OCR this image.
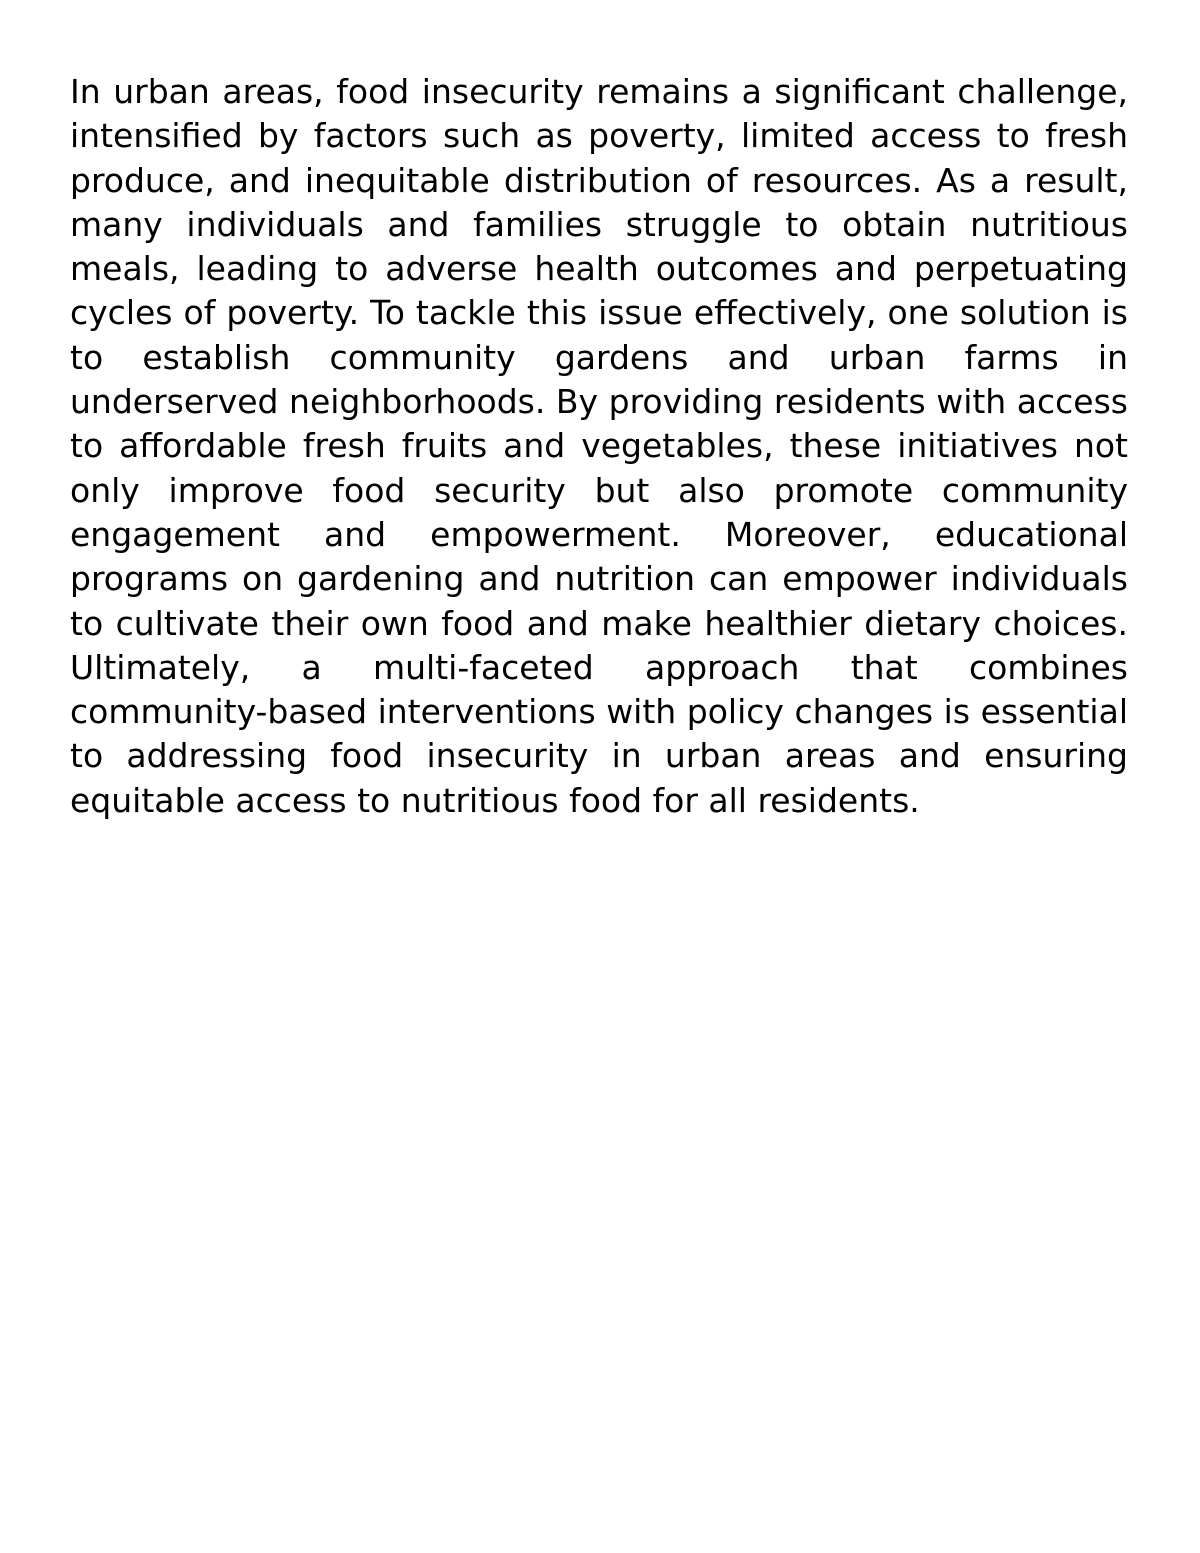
In urban areas, food insecurity remains a significant challenge, intensified by factors such as poverty, limited access to fresh produce, and inequitable distribution of resources. As a result, many individuals and families struggle to obtain nutritious meals, leading to adverse health outcomes and perpetuating cycles of poverty. To tackle this issue effectively, one solution is to establish community gardens and urban farms in underserved neighborhoods. By providing residents with access to affordable fresh fruits and vegetables, these initiatives not only improve food security but also promote community engagement and empowerment. Moreover, educational programs on gardening and nutrition can empower individuals to cultivate their own food and make healthier dietary choices. Ultimately, a multi-faceted approach that combines community-based interventions with policy changes is essential to addressing food insecurity in urban areas and ensuring equitable access to nutritious food for all residents.
